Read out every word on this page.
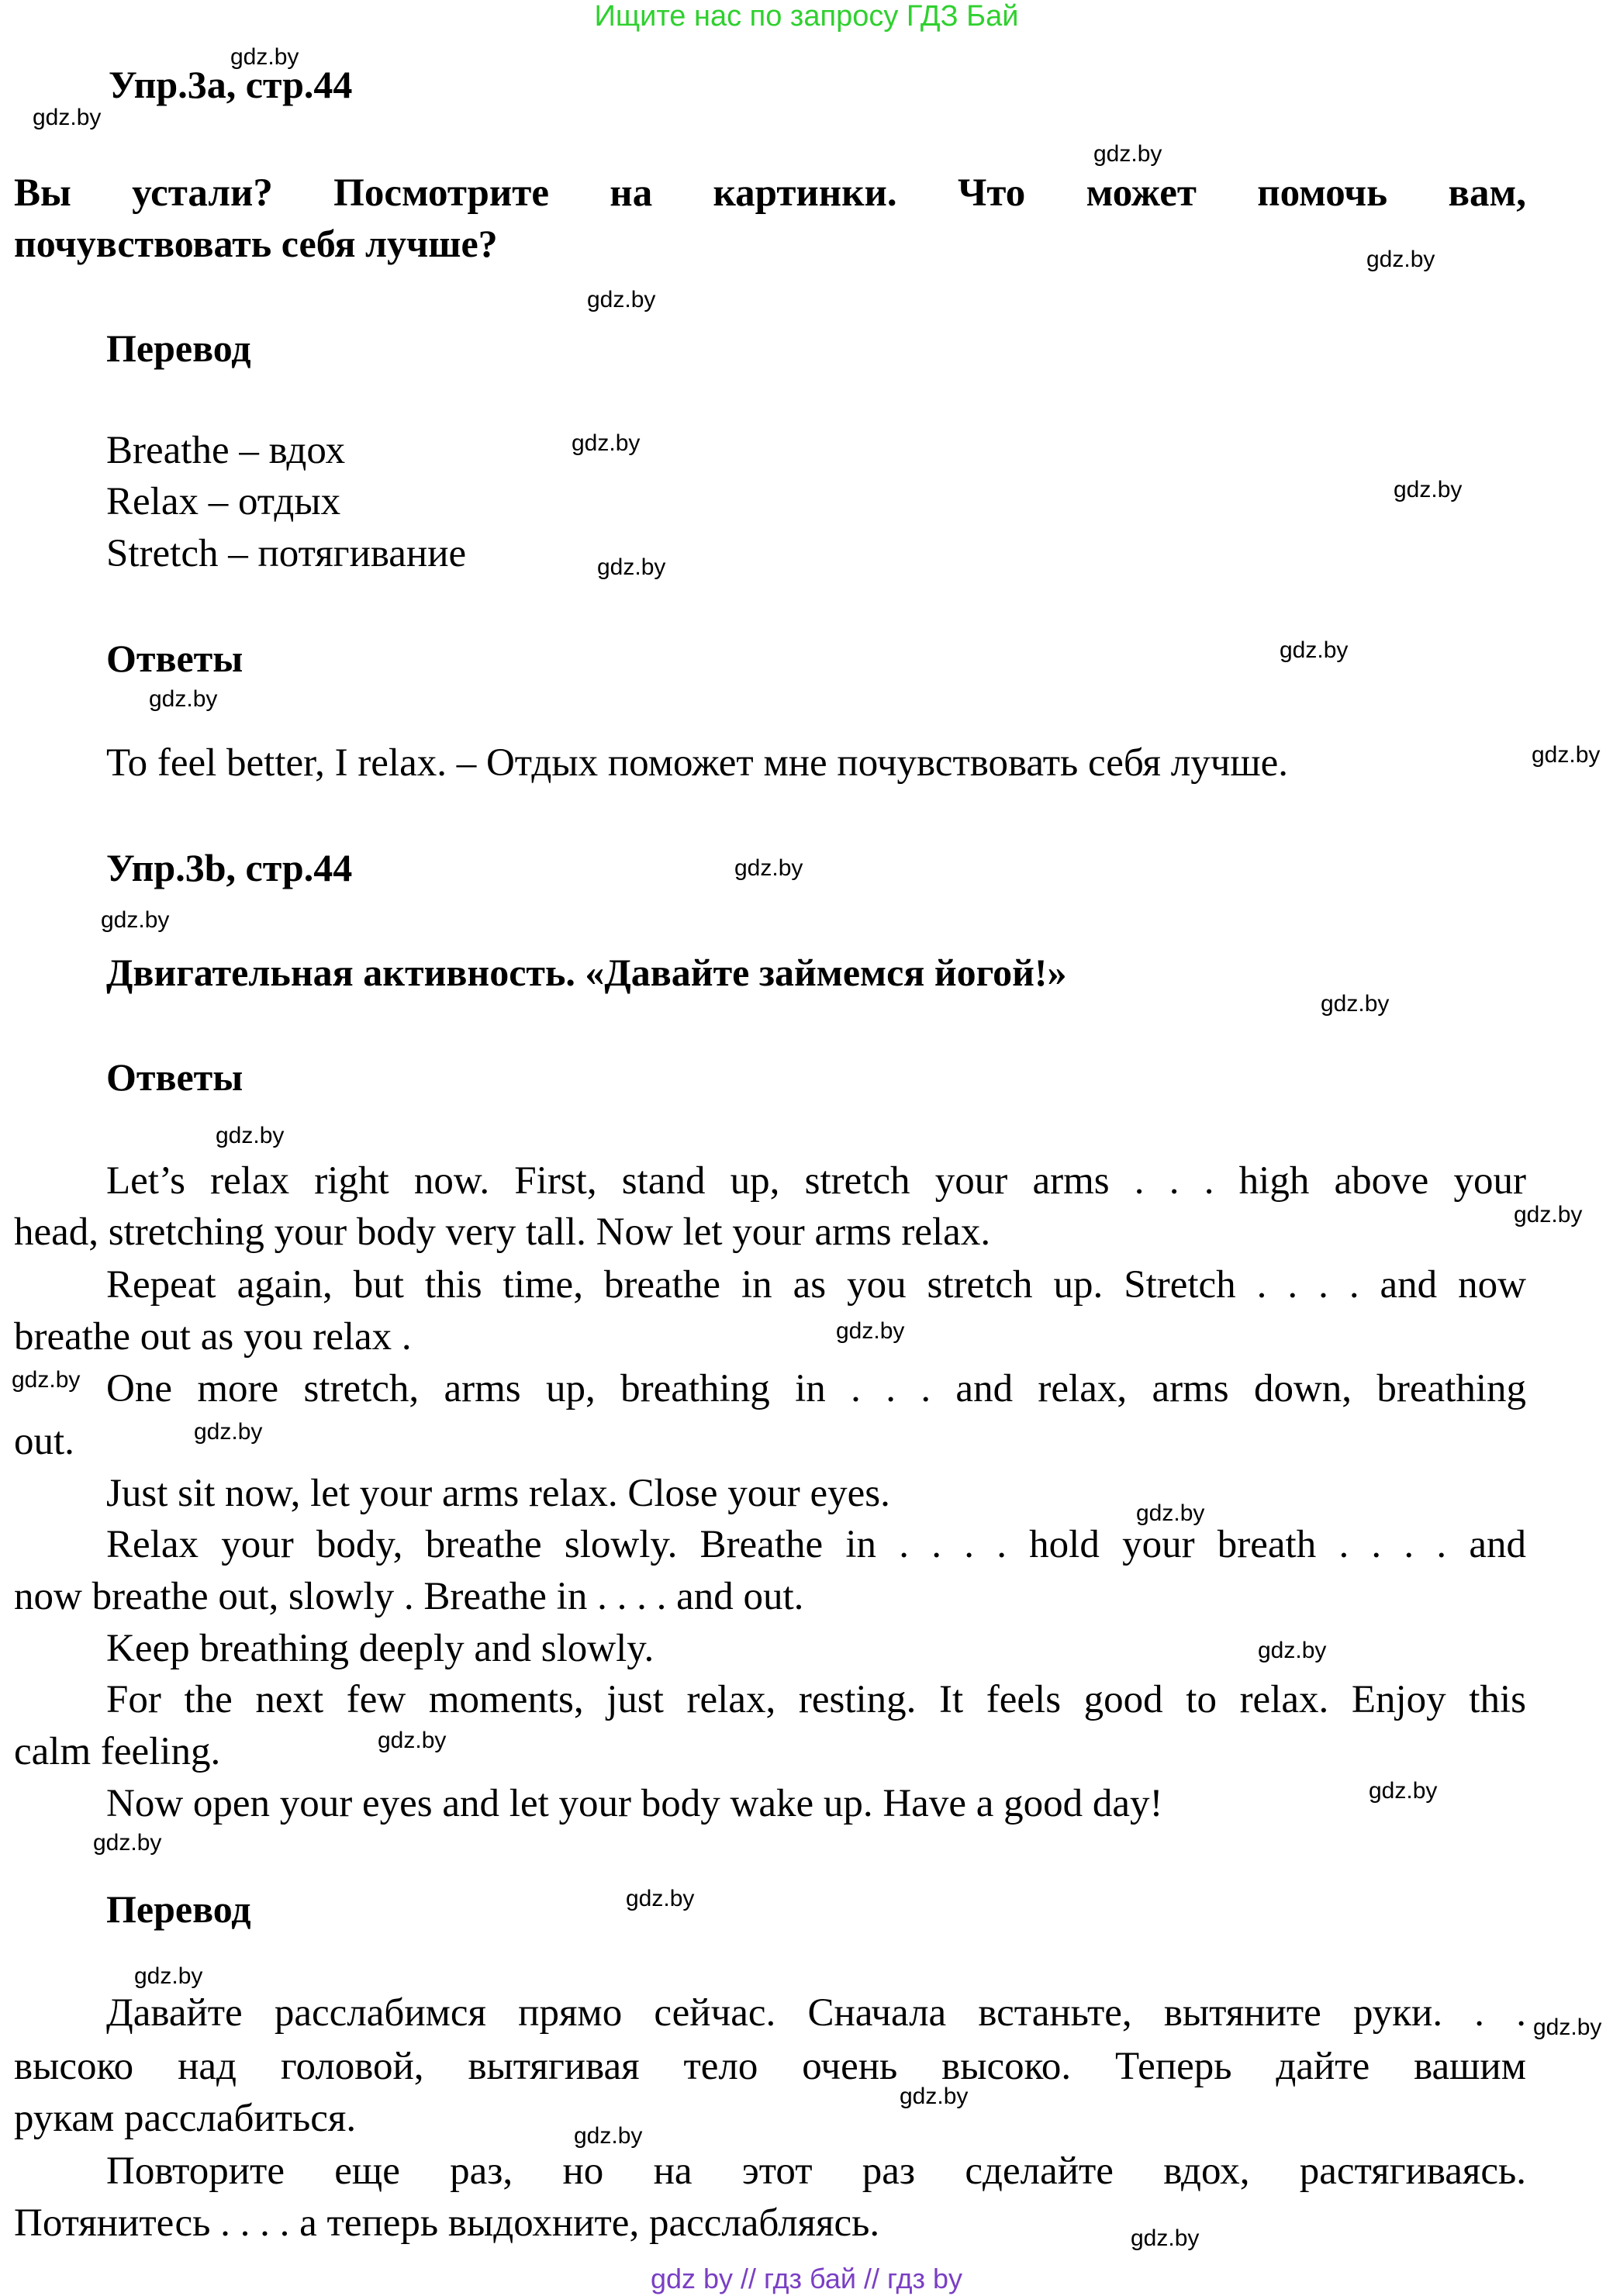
Ищите нас по запросу ГДЗ Бай
gdz by // гдз бай // гдз by
Упр.3a, стр.44
Вы устали? Посмотрите на картинки. Что может помочь вам,
почувствовать себя лучше?
Перевод
Breathe – вдох
Relax – отдых
Stretch – потягивание
Ответы
To feel better, I relax. – Отдых поможет мне почувствовать себя лучше.
Упр.3b, стр.44
Двигательная активность. «Давайте займемся йогой!»
Ответы
Let’s relax right now. First, stand up, stretch your arms . . . high above your
head, stretching your body very tall. Now let your arms relax.
Repeat again, but this time, breathe in as you stretch up. Stretch . . . . and now
breathe out as you relax .
One more stretch, arms up, breathing in . . . and relax, arms down, breathing
out.
Just sit now, let your arms relax. Close your eyes.
Relax your body, breathe slowly. Breathe in . . . . hold your breath . . . . and
now breathe out, slowly . Breathe in . . . . and out.
Keep breathing deeply and slowly.
For the next few moments, just relax, resting. It feels good to relax. Enjoy this
calm feeling.
Now open your eyes and let your body wake up. Have a good day!
Перевод
Давайте расслабимся прямо сейчас. Сначала встаньте, вытяните руки. . .
высоко над головой, вытягивая тело очень высоко. Теперь дайте вашим
рукам расслабиться.
Повторите еще раз, но на этот раз сделайте вдох, растягиваясь.
Потянитесь . . . . а теперь выдохните, расслабляясь.
gdz.by
gdz.by
gdz.by
gdz.by
gdz.by
gdz.by
gdz.by
gdz.by
gdz.by
gdz.by
gdz.by
gdz.by
gdz.by
gdz.by
gdz.by
gdz.by
gdz.by
gdz.by
gdz.by
gdz.by
gdz.by
gdz.by
gdz.by
gdz.by
gdz.by
gdz.by
gdz.by
gdz.by
gdz.by
gdz.by
